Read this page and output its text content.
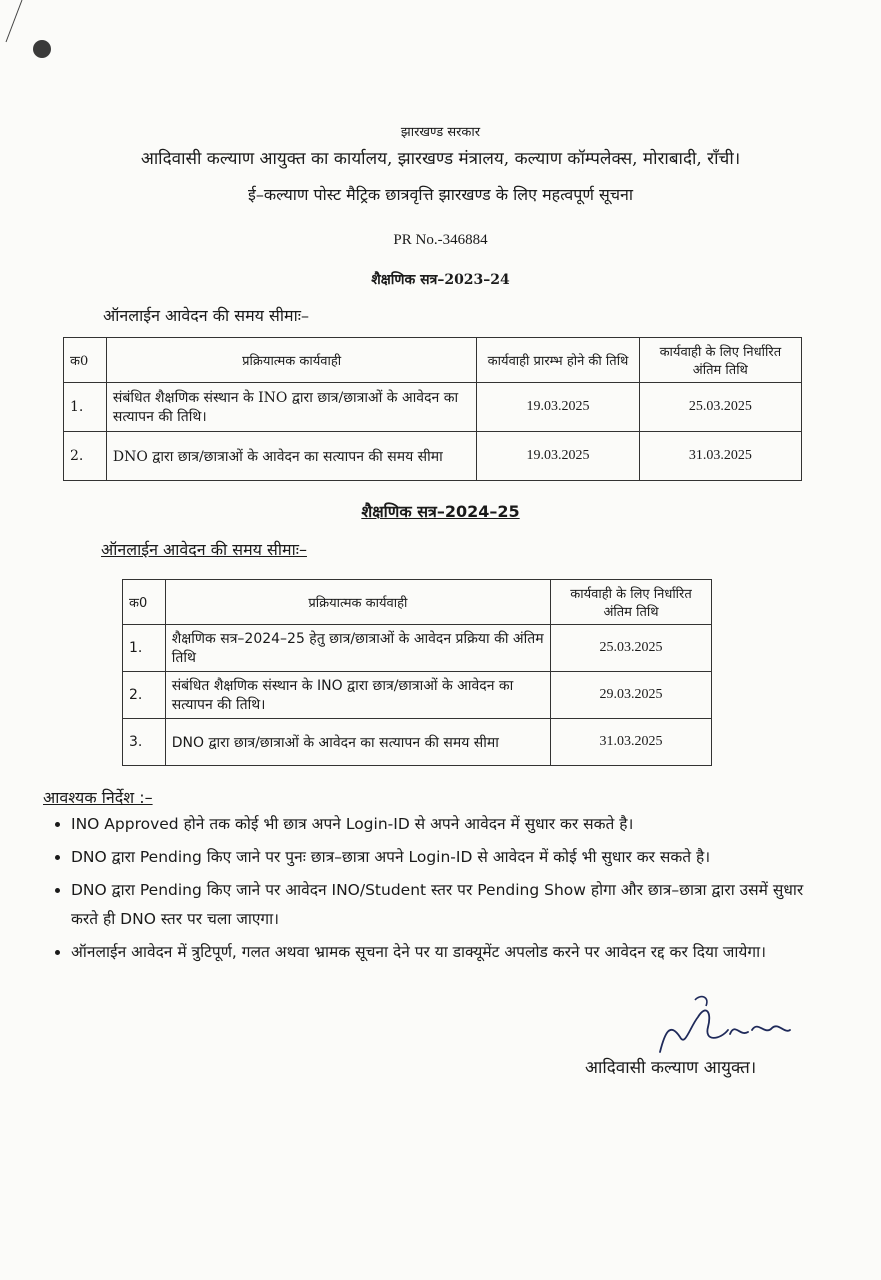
झारखण्ड सरकार
आदिवासी कल्याण आयुक्त का कार्यालय, झारखण्ड मंत्रालय, कल्याण कॉम्पलेक्स, मोराबादी, राँची।
ई–कल्याण पोस्ट मैट्रिक छात्रवृत्ति झारखण्ड के लिए महत्वपूर्ण सूचना
PR No.-346884
शैक्षणिक सत्र–2023–24
ऑनलाईन आवेदन की समय सीमाः–
क0	प्रक्रियात्मक कार्यवाही	कार्यवाही प्रारम्भ होने की तिथि	कार्यवाही के लिए निर्धारित अंतिम तिथि
1.	संबंधित शैक्षणिक संस्थान के INO द्वारा छात्र/छात्राओं के आवेदन का सत्यापन की तिथि।	19.03.2025	25.03.2025
2.	DNO द्वारा छात्र/छात्राओं के आवेदन का सत्यापन की समय सीमा	19.03.2025	31.03.2025
शैक्षणिक सत्र–2024–25
ऑनलाईन आवेदन की समय सीमाः–
क0	प्रक्रियात्मक कार्यवाही	कार्यवाही के लिए निर्धारित अंतिम तिथि
1.	शैक्षणिक सत्र–2024–25 हेतु छात्र/छात्राओं के आवेदन प्रक्रिया की अंतिम तिथि	25.03.2025
2.	संबंधित शैक्षणिक संस्थान के INO द्वारा छात्र/छात्राओं के आवेदन का सत्यापन की तिथि।	29.03.2025
3.	DNO द्वारा छात्र/छात्राओं के आवेदन का सत्यापन की समय सीमा	31.03.2025
आवश्यक निर्देश :–
• INO Approved होने तक कोई भी छात्र अपने Login-ID से अपने आवेदन में सुधार कर सकते है।
• DNO द्वारा Pending किए जाने पर पुनः छात्र–छात्रा अपने Login-ID से आवेदन में कोई भी सुधार कर सकते है।
• DNO द्वारा Pending किए जाने पर आवेदन INO/Student स्तर पर Pending Show होगा और छात्र–छात्रा द्वारा उसमें सुधार करते ही DNO स्तर पर चला जाएगा।
• ऑनलाईन आवेदन में त्रुटिपूर्ण, गलत अथवा भ्रामक सूचना देने पर या डाक्यूमेंट अपलोड करने पर आवेदन रद्द कर दिया जायेगा।
आदिवासी कल्याण आयुक्त।
